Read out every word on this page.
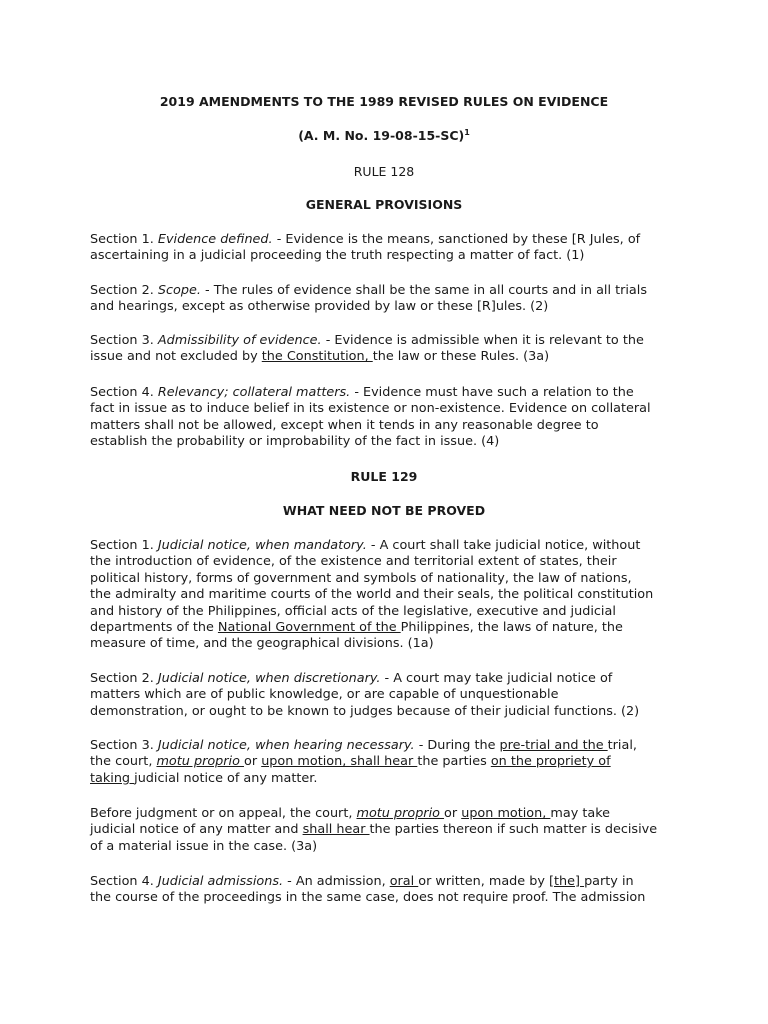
2019 AMENDMENTS TO THE 1989 REVISED RULES ON EVIDENCE
(A. M. No. 19-08-15-SC)$^1$
RULE 128
GENERAL PROVISIONS
Section 1. Evidence defined. - Evidence is the means, sanctioned by these [R Jules, of
ascertaining in a judicial proceeding the truth respecting a matter of fact. (1)
Section 2. Scope. - The rules of evidence shall be the same in all courts and in all trials
and hearings, except as otherwise provided by law or these [R]ules. (2)
Section 3. Admissibility of evidence. - Evidence is admissible when it is relevant to the
issue and not excluded by the Constitution, the law or these Rules. (3a)
Section 4. Relevancy; collateral matters. - Evidence must have such a relation to the
fact in issue as to induce belief in its existence or non-existence. Evidence on collateral
matters shall not be allowed, except when it tends in any reasonable degree to
establish the probability or improbability of the fact in issue. (4)
RULE 129
WHAT NEED NOT BE PROVED
Section 1. Judicial notice, when mandatory. - A court shall take judicial notice, without
the introduction of evidence, of the existence and territorial extent of states, their
political history, forms of government and symbols of nationality, the law of nations,
the admiralty and maritime courts of the world and their seals, the political constitution
and history of the Philippines, official acts of the legislative, executive and judicial
departments of the National Government of the Philippines, the laws of nature, the
measure of time, and the geographical divisions. (1a)
Section 2. Judicial notice, when discretionary. - A court may take judicial notice of
matters which are of public knowledge, or are capable of unquestionable
demonstration, or ought to be known to judges because of their judicial functions. (2)
Section 3. Judicial notice, when hearing necessary. - During the pre-trial and the trial,
the court, motu proprio or upon motion, shall hear the parties on the propriety of
taking judicial notice of any matter.
Before judgment or on appeal, the court, motu proprio or upon motion, may take
judicial notice of any matter and shall hear the parties thereon if such matter is decisive
of a material issue in the case. (3a)
Section 4. Judicial admissions. - An admission, oral or written, made by [the] party in
the course of the proceedings in the same case, does not require proof. The admission
